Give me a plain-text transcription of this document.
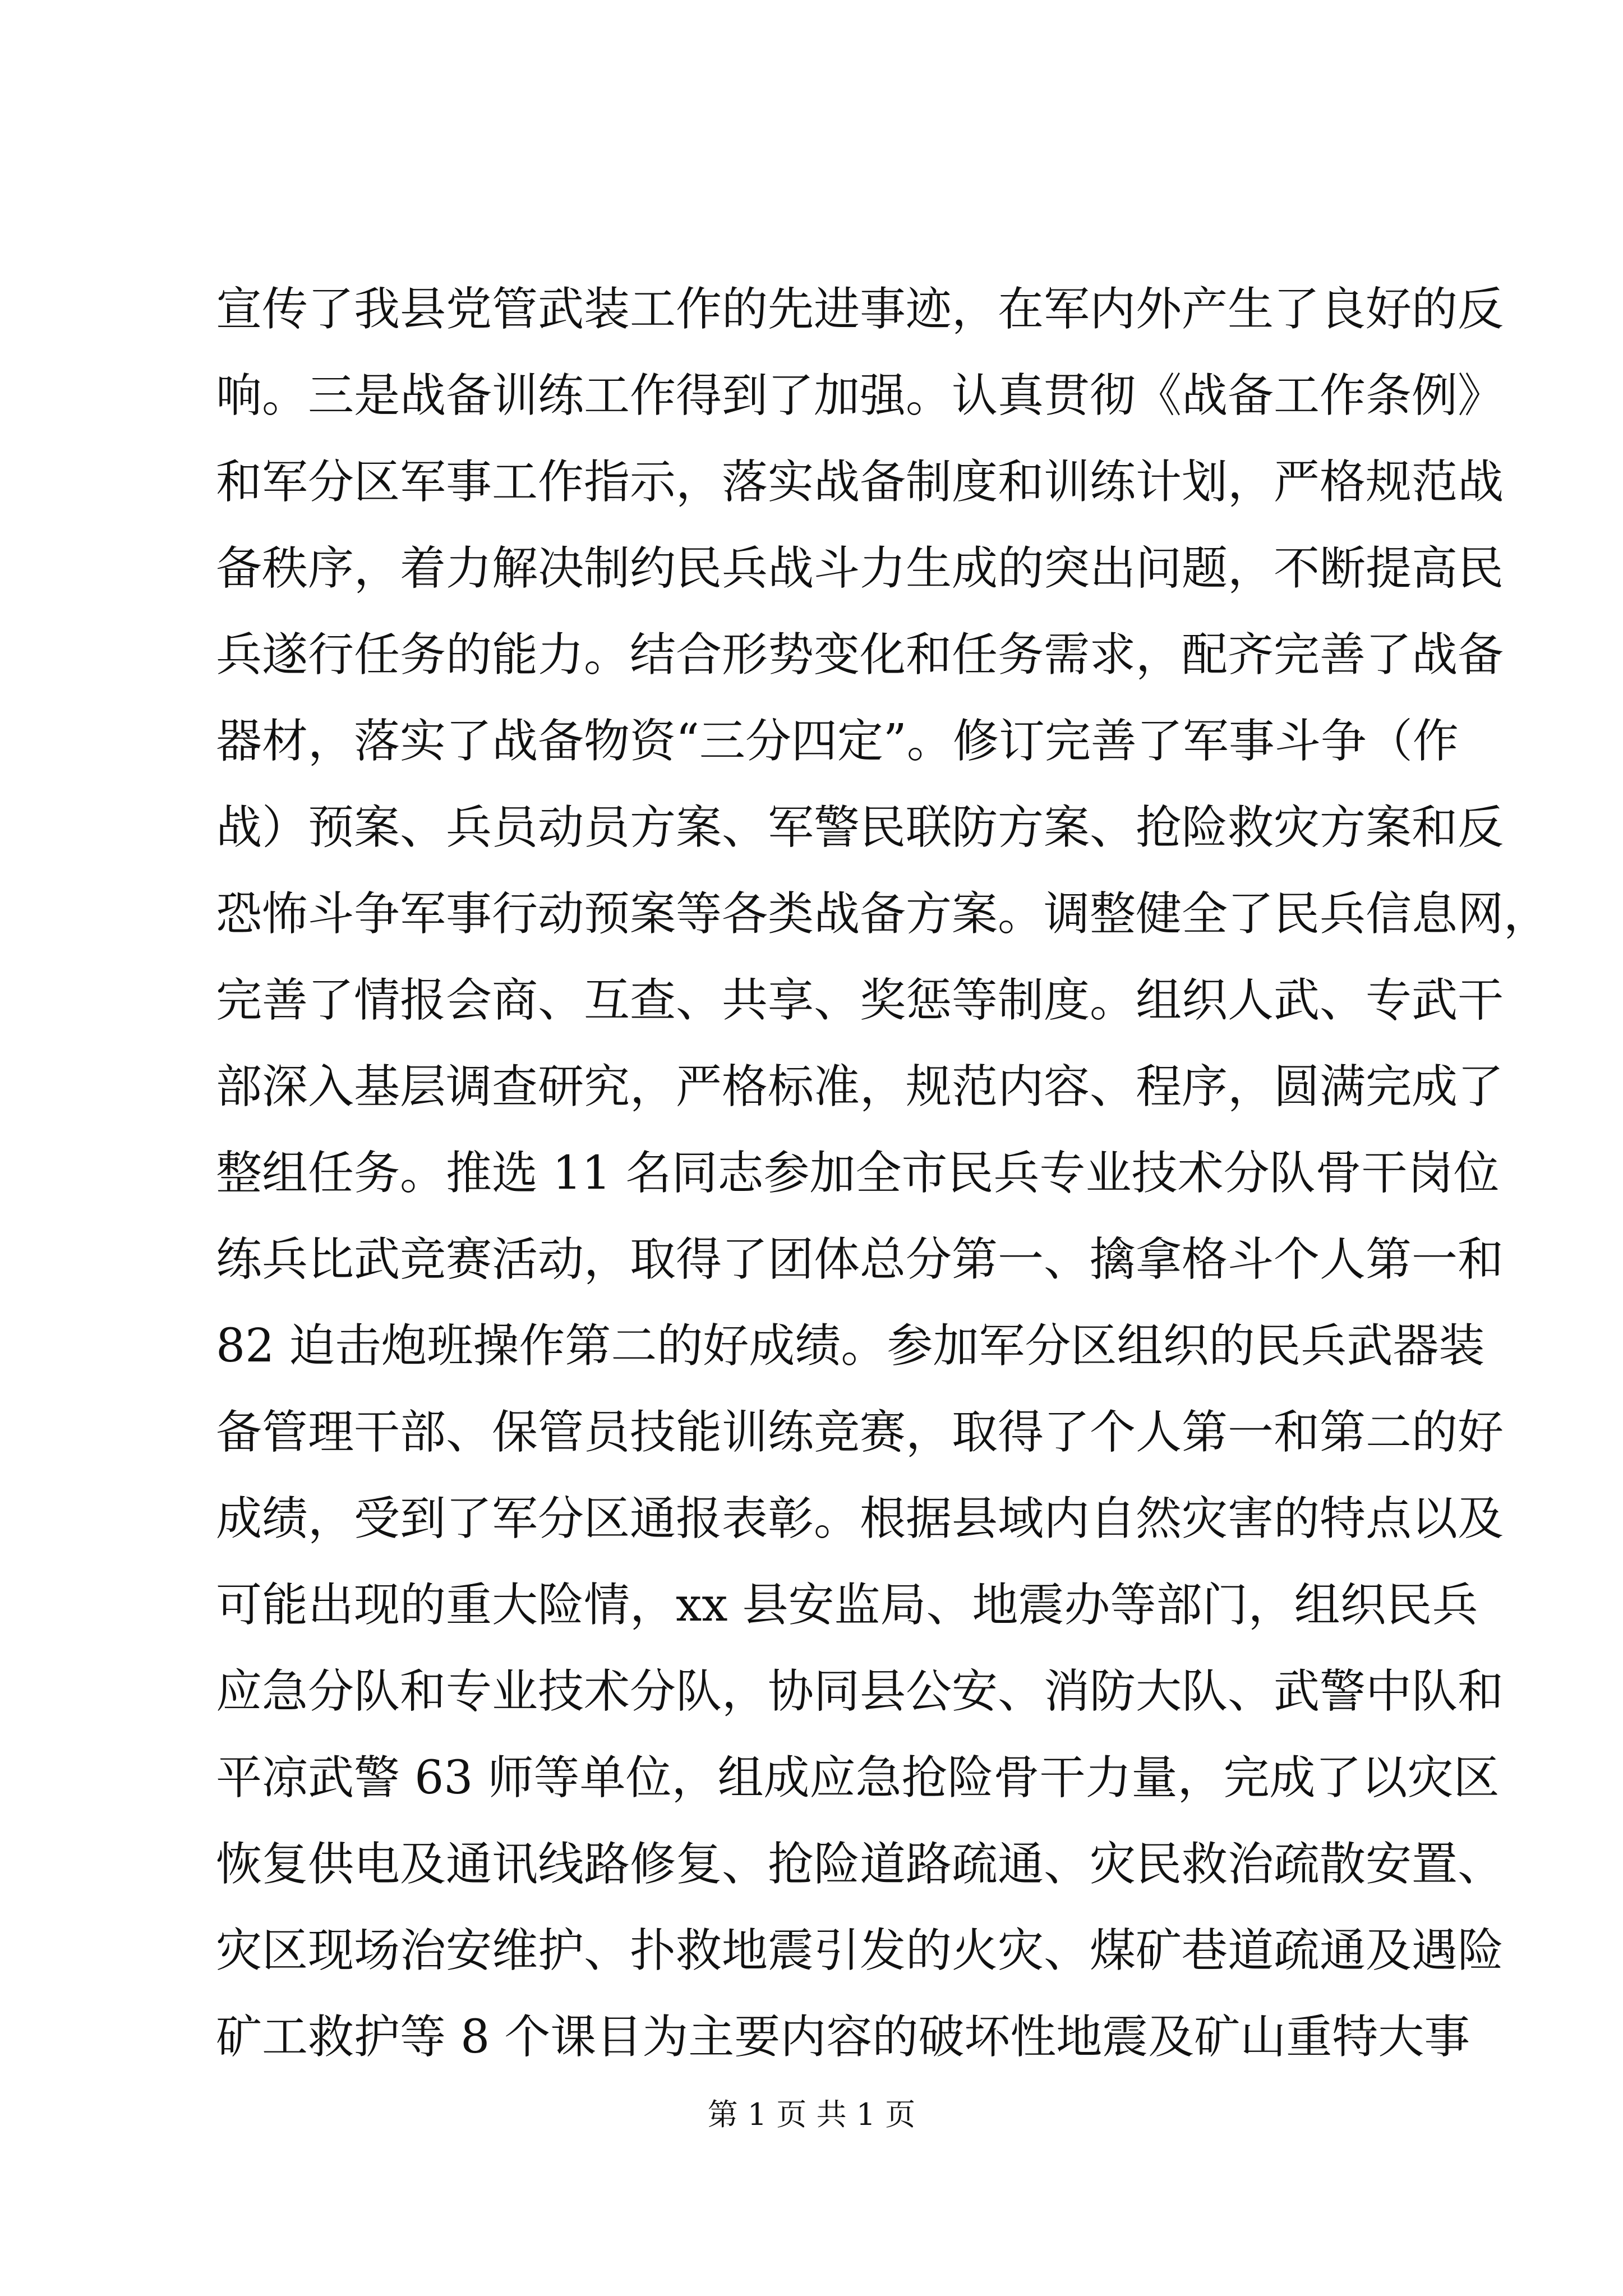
宣传了我县党管武装工作的先进事迹，在军内外产生了良好的反
响。三是战备训练工作得到了加强。认真贯彻《战备工作条例》
和军分区军事工作指示，落实战备制度和训练计划，严格规范战
备秩序，着力解决制约民兵战斗力生成的突出问题，不断提高民
兵遂行任务的能力。结合形势变化和任务需求，配齐完善了战备
器材，落实了战备物资“三分四定”。修订完善了军事斗争（作
战）预案、兵员动员方案、军警民联防方案、抢险救灾方案和反
恐怖斗争军事行动预案等各类战备方案。调整健全了民兵信息网，
完善了情报会商、互查、共享、奖惩等制度。组织人武、专武干
部深入基层调查研究，严格标准，规范内容、程序，圆满完成了
整组任务。推选 11 名同志参加全市民兵专业技术分队骨干岗位
练兵比武竞赛活动，取得了团体总分第一、擒拿格斗个人第一和
82 迫击炮班操作第二的好成绩。参加军分区组织的民兵武器装
备管理干部、保管员技能训练竞赛，取得了个人第一和第二的好
成绩，受到了军分区通报表彰。根据县域内自然灾害的特点以及
可能出现的重大险情，xx 县安监局、地震办等部门，组织民兵
应急分队和专业技术分队，协同县公安、消防大队、武警中队和
平凉武警 63 师等单位，组成应急抢险骨干力量，完成了以灾区
恢复供电及通讯线路修复、抢险道路疏通、灾民救治疏散安置、
灾区现场治安维护、扑救地震引发的火灾、煤矿巷道疏通及遇险
矿工救护等 8 个课目为主要内容的破坏性地震及矿山重特大事
第 1 页 共 1 页
